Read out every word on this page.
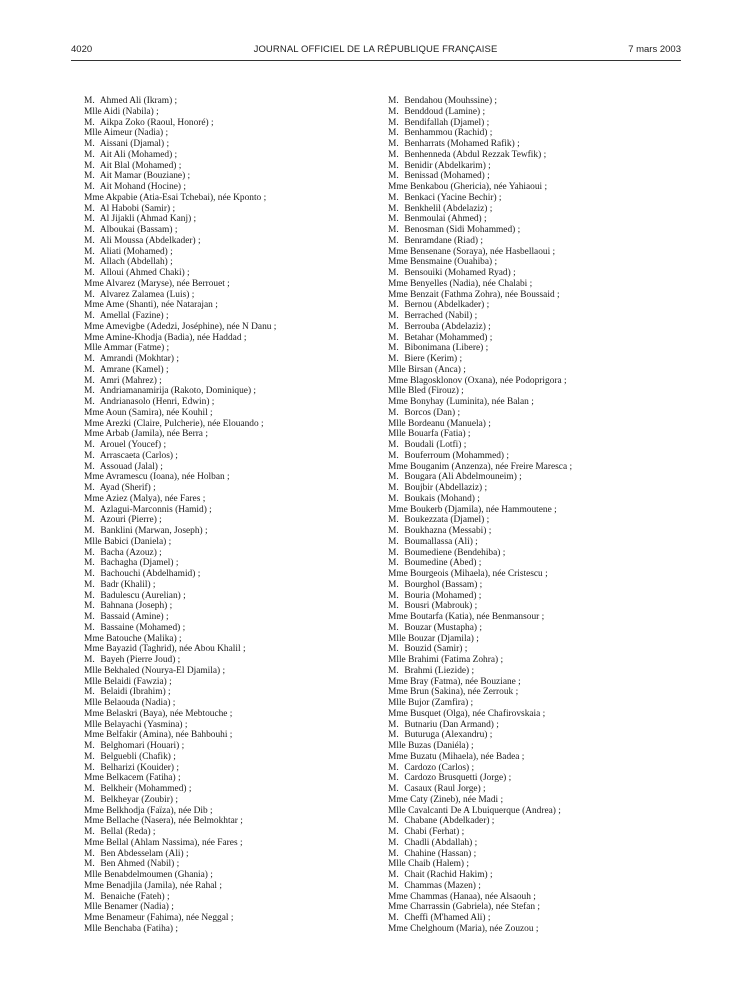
4020	JOURNAL OFFICIEL DE LA RÉPUBLIQUE FRANÇAISE	7 mars 2003
M. Ahmed Ali (Ikram) ;
Mlle Aidi (Nabila) ;
M. Aikpa Zoko (Raoul, Honoré) ;
Mlle Aimeur (Nadia) ;
M. Aissani (Djamal) ;
M. Ait Ali (Mohamed) ;
M. Ait Blal (Mohamed) ;
M. Ait Mamar (Bouziane) ;
M. Ait Mohand (Hocine) ;
Mme Akpabie (Atia-Esai Tchebai), née Kponto ;
M. Al Habobi (Samir) ;
M. Al Jijakli (Ahmad Kanj) ;
M. Alboukai (Bassam) ;
M. Ali Moussa (Abdelkader) ;
M. Aliati (Mohamed) ;
M. Allach (Abdellah) ;
M. Alloui (Ahmed Chaki) ;
Mme Alvarez (Maryse), née Berrouet ;
M. Alvarez Zalamea (Luis) ;
Mme Ame (Shanti), née Natarajan ;
M. Amellal (Fazine) ;
Mme Amevigbe (Adedzi, Joséphine), née N Danu ;
Mme Amine-Khodja (Badia), née Haddad ;
Mlle Ammar (Fatme) ;
M. Amrandi (Mokhtar) ;
M. Amrane (Kamel) ;
M. Amri (Mahrez) ;
M. Andriamanamirija (Rakoto, Dominique) ;
M. Andrianasolo (Henri, Edwin) ;
Mme Aoun (Samira), née Kouhil ;
Mme Arezki (Claire, Pulcherie), née Elouando ;
Mme Arbab (Jamila), née Berra ;
M. Arouel (Youcef) ;
M. Arrascaeta (Carlos) ;
M. Assouad (Jalal) ;
Mme Avramescu (Ioana), née Holban ;
M. Ayad (Sherif) ;
Mme Aziez (Malya), née Fares ;
M. Azlagui-Marconnis (Hamid) ;
M. Azouri (Pierre) ;
M. Banklini (Marwan, Joseph) ;
Mlle Babici (Daniela) ;
M. Bacha (Azouz) ;
M. Bachagha (Djamel) ;
M. Bachouchi (Abdelhamid) ;
M. Badr (Khalil) ;
M. Badulescu (Aurelian) ;
M. Bahnana (Joseph) ;
M. Bassaid (Amine) ;
M. Bassaine (Mohamed) ;
Mme Batouche (Malika) ;
Mme Bayazid (Taghrid), née Abou Khalil ;
M. Bayeh (Pierre Joud) ;
Mlle Bekhaled (Nourya-El Djamila) ;
Mlle Belaidi (Fawzia) ;
M. Belaidi (Ibrahim) ;
Mlle Belaouda (Nadia) ;
Mme Belaskri (Baya), née Mebtouche ;
Mlle Belayachi (Yasmina) ;
Mme Belfakir (Amina), née Bahbouhi ;
M. Belghomari (Houari) ;
M. Belguebli (Chafik) ;
M. Belharizi (Kouider) ;
Mme Belkacem (Fatiha) ;
M. Belkheir (Mohammed) ;
M. Belkheyar (Zoubir) ;
Mme Belkhodja (Faïza), née Dib ;
Mme Bellache (Nasera), née Belmokhtar ;
M. Bellal (Reda) ;
Mme Bellal (Ahlam Nassima), née Fares ;
M. Ben Abdesselam (Ali) ;
M. Ben Ahmed (Nabil) ;
Mlle Benabdelmoumen (Ghania) ;
Mme Benadjila (Jamila), née Rahal ;
M. Benaiche (Fateh) ;
Mlle Benamer (Nadia) ;
Mme Benameur (Fahima), née Neggal ;
Mlle Benchaba (Fatiha) ;
M. Bendahou (Mouhssine) ;
M. Benddoud (Lamine) ;
M. Bendifallah (Djamel) ;
M. Benhammou (Rachid) ;
M. Benharrats (Mohamed Rafik) ;
M. Benhenneda (Abdul Rezzak Tewfik) ;
M. Benidir (Abdelkarim) ;
M. Benissad (Mohamed) ;
Mme Benkabou (Ghericia), née Yahiaoui ;
M. Benkaci (Yacine Bechir) ;
M. Benkhelil (Abdelaziz) ;
M. Benmoulai (Ahmed) ;
M. Benosman (Sidi Mohammed) ;
M. Benramdane (Riad) ;
Mme Bensenane (Soraya), née Hasbellaoui ;
Mme Bensmaine (Ouahiba) ;
M. Bensouiki (Mohamed Ryad) ;
Mme Benyelles (Nadia), née Chalabi ;
Mme Benzait (Fathma Zohra), née Boussaid ;
M. Bernou (Abdelkader) ;
M. Berrached (Nabil) ;
M. Berrouba (Abdelaziz) ;
M. Betahar (Mohammed) ;
M. Bibonimana (Libere) ;
M. Biere (Kerim) ;
Mlle Birsan (Anca) ;
Mme Blagosklonov (Oxana), née Podoprigora ;
Mlle Bled (Firouz) ;
Mme Bonyhay (Luminita), née Balan ;
M. Borcos (Dan) ;
Mlle Bordeanu (Manuela) ;
Mlle Bouarfa (Fatia) ;
M. Boudali (Lotfi) ;
M. Bouferroum (Mohammed) ;
Mme Bouganim (Anzenza), née Freire Maresca ;
M. Bougara (Ali Abdelmouneim) ;
M. Boujbir (Abdellaziz) ;
M. Boukais (Mohand) ;
Mme Boukerb (Djamila), née Hammoutene ;
M. Boukezzata (Djamel) ;
M. Boukhazna (Messabi) ;
M. Boumallassa (Ali) ;
M. Boumediene (Bendehiba) ;
M. Boumedine (Abed) ;
Mme Bourgeois (Mihaela), née Cristescu ;
M. Bourghol (Bassam) ;
M. Bouria (Mohamed) ;
M. Bousri (Mabrouk) ;
Mme Boutarfa (Katia), née Benmansour ;
M. Bouzar (Mustapha) ;
Mlle Bouzar (Djamila) ;
M. Bouzid (Samir) ;
Mlle Brahimi (Fatima Zohra) ;
M. Brahmi (Liezide) ;
Mme Bray (Fatma), née Bouziane ;
Mme Brun (Sakina), née Zerrouk ;
Mlle Bujor (Zamfira) ;
Mme Busquet (Olga), née Chafirovskaia ;
M. Butnariu (Dan Armand) ;
M. Buturuga (Alexandru) ;
Mlle Buzas (Daniéla) ;
Mme Buzatu (Mihaela), née Badea ;
M. Cardozo (Carlos) ;
M. Cardozo Brusquetti (Jorge) ;
M. Casaux (Raul Jorge) ;
Mme Caty (Zineb), née Madi ;
Mlle Cavalcanti De A Lbuiquerque (Andrea) ;
M. Chabane (Abdelkader) ;
M. Chabi (Ferhat) ;
M. Chadli (Abdallah) ;
M. Chahine (Hassan) ;
Mlle Chaib (Halem) ;
M. Chait (Rachid Hakim) ;
M. Chammas (Mazen) ;
Mme Chammas (Hanaa), née Alsaouh ;
Mme Charrassin (Gabriela), née Stefan ;
M. Cheffi (M'hamed Ali) ;
Mme Chelghoum (Maria), née Zouzou ;
